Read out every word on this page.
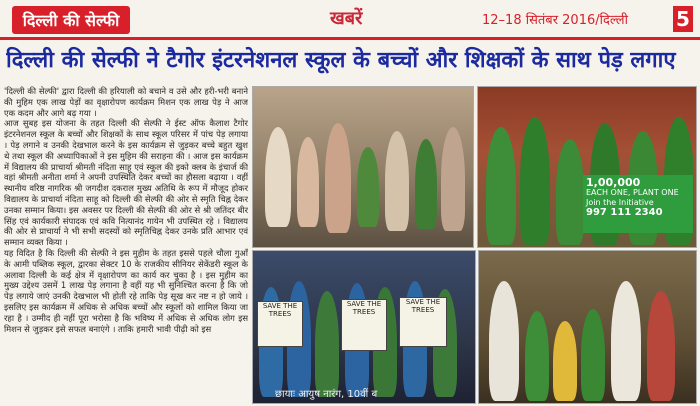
दिल्ली की सेल्फी	खबरें	12–18 सितंबर 2016/दिल्ली 5
दिल्ली की सेल्फी ने टैगोर इंटरनेशनल स्कूल के बच्चों और शिक्षकों के साथ पेड़ लगाए

'दिल्ली की सेल्फी' द्वारा दिल्ली की हरियाली को बचाने व उसे और हरी-भरी बनाने की मुहिम एक लाख पेड़ों का वृक्षारोपण कार्यक्रम मिशन एक लाख पेड़ ने आज एक कदम और आगे बढ़ गया ।

आज सुबह इस योजना के तहत दिल्ली की सेल्फी ने ईस्ट ऑफ कैलाश टैगोर इंटरनेशनल स्कूल के बच्चों और शिक्षकों के साथ स्कूल परिसर में पांच पेड़ लगाया । पेड़ लगाने व उनकी देखभाल करने के इस कार्यक्रम से जुड़कर बच्चे बहुत खुश थे तथा स्कूल की अध्यापिकाओं ने इस मुहिम की सराहना की । आज इस कार्यक्रम में विद्यालय की प्राचार्या श्रीमती नंदिता साहू एवं स्कूल की इको क्लब के इंचार्ज की वहां श्रीमती अनीता शर्मा ने अपनी उपस्थिति देकर बच्चों का हौसला बढ़ाया । वहीं स्थानीय वरिष्ठ नागरिक श्री जगदीश दकराल मुख्य अतिथि के रूप में मौजूद होकर विद्यालय के प्राचार्या नंदिता साहू को दिल्ली की सेल्फी की ओर से स्मृति चिह्न देकर उनका सम्मान किया। इस अवसर पर दिल्ली की सेल्फी की ओर से श्री जतिंदर बीर सिंह एवं कार्यकारी संपादक एवं कवि नित्यानंद गायेन भी उपस्थित रहे । विद्यालय की ओर से प्राचार्या ने भी सभी सदस्यों को स्मृतिचिह्न देकर उनके प्रति आभार एवं सम्मान व्यक्त किया ।

यह विदित है कि दिल्ली की सेल्फी ने इस मुहीम के तहत इससे पहले चौला गुआँ के आमी पब्लिक स्कूल, द्वारका सेक्टर 10 के राजकीय सीनियर सेकेंडरी स्कूल के अलावा दिल्ली के कई क्षेत्र में वृक्षारोपण का कार्य कर चुका है । इस मुहीम का मुख्य उद्देश्य उसमें 1 लाख पेड़ लगाना है वहीं यह भी सुनिश्चित करना है कि जो पेड़ लगाये जाएं उनकी देखभाल भी होती रहे ताकि पेड़ सूख कर नष्ट न हो जाये । इसलिए इस कार्यक्रम में अधिक से अधिक बच्चों और स्कूलों को शामिल किया जा रहा है । उम्मीद ही नहीं पूरा भरोसा है कि भविष्य में अधिक से अधिक लोग इस मिशन से जुड़कर इसे सफल बनाएंगे । ताकि हमारी भावी पीढ़ी को इस

1,00,000
EACH ONE, PLANT ONE
Join the Initiative
997 111 2340
SAVE THE TREES
SAVE THE TREES
SAVE THE TREES
छायाः आयुष नारंग, 10वीं ब
